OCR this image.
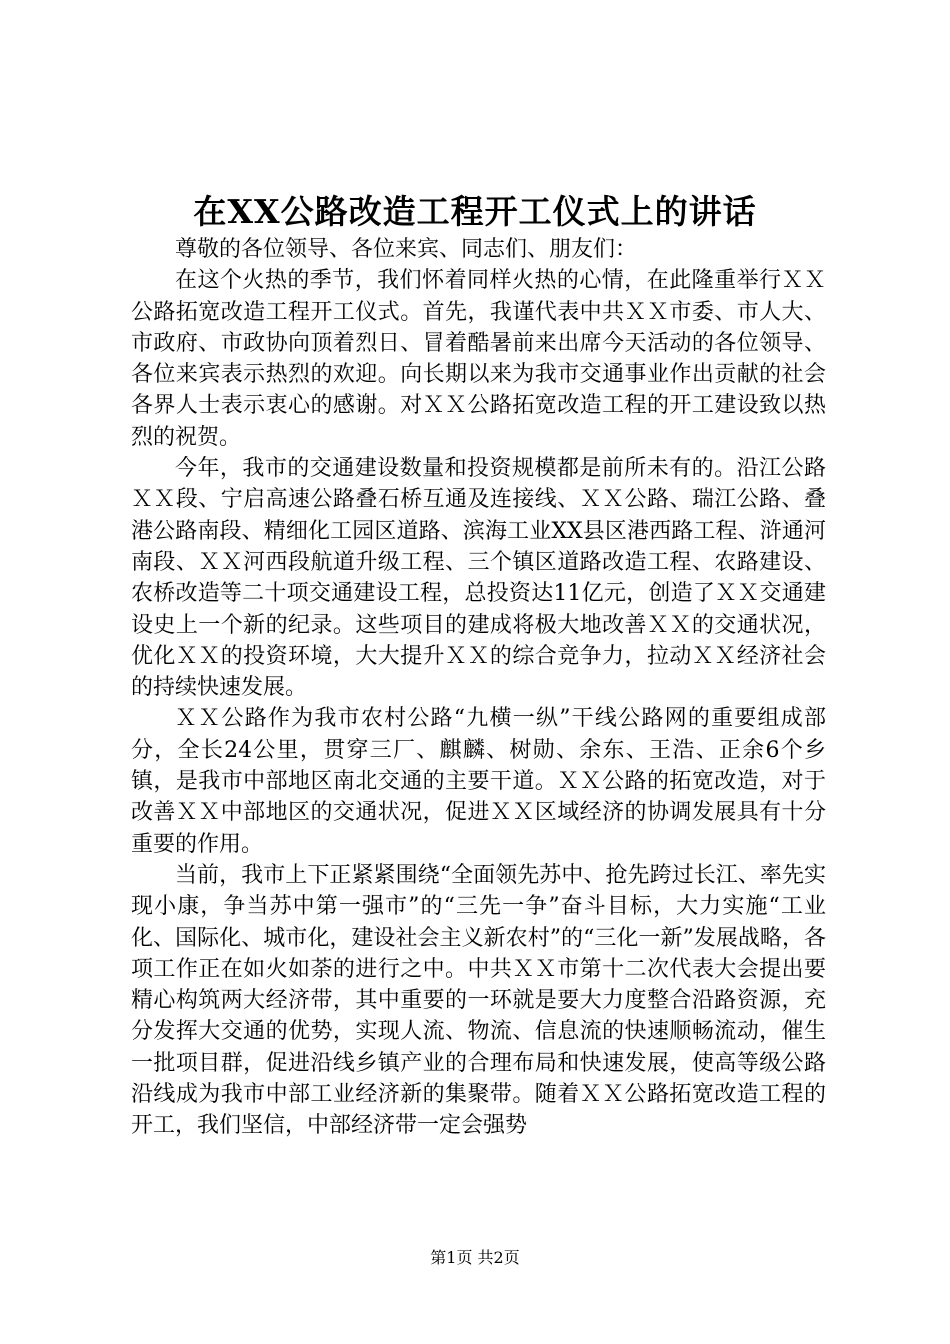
在XX公路改造工程开工仪式上的讲话

尊敬的各位领导、各位来宾、同志们、朋友们：

在这个火热的季节，我们怀着同样火热的心情，在此隆重举行ＸＸ公路拓宽改造工程开工仪式。首先，我谨代表中共ＸＸ市委、市人大、市政府、市政协向顶着烈日、冒着酷暑前来出席今天活动的各位领导、各位来宾表示热烈的欢迎。向长期以来为我市交通事业作出贡献的社会各界人士表示衷心的感谢。对ＸＸ公路拓宽改造工程的开工建设致以热烈的祝贺。

今年，我市的交通建设数量和投资规模都是前所未有的。沿江公路ＸＸ段、宁启高速公路叠石桥互通及连接线、ＸＸ公路、瑞江公路、叠港公路南段、精细化工园区道路、滨海工业XX县区港西路工程、浒通河南段、ＸＸ河西段航道升级工程、三个镇区道路改造工程、农路建设、农桥改造等二十项交通建设工程，总投资达11亿元，创造了ＸＸ交通建设史上一个新的纪录。这些项目的建成将极大地改善ＸＸ的交通状况，优化ＸＸ的投资环境，大大提升ＸＸ的综合竞争力，拉动ＸＸ经济社会的持续快速发展。

ＸＸ公路作为我市农村公路“九横一纵”干线公路网的重要组成部分，全长24公里，贯穿三厂、麒麟、树勋、余东、王浩、正余6个乡镇，是我市中部地区南北交通的主要干道。ＸＸ公路的拓宽改造，对于改善ＸＸ中部地区的交通状况，促进ＸＸ区域经济的协调发展具有十分重要的作用。

当前，我市上下正紧紧围绕“全面领先苏中、抢先跨过长江、率先实现小康，争当苏中第一强市”的“三先一争”奋斗目标，大力实施“工业化、国际化、城市化，建设社会主义新农村”的“三化一新”发展战略，各项工作正在如火如荼的进行之中。中共ＸＸ市第十二次代表大会提出要精心构筑两大经济带，其中重要的一环就是要大力度整合沿路资源，充分发挥大交通的优势，实现人流、物流、信息流的快速顺畅流动，催生一批项目群，促进沿线乡镇产业的合理布局和快速发展，使高等级公路沿线成为我市中部工业经济新的集聚带。随着ＸＸ公路拓宽改造工程的开工，我们坚信，中部经济带一定会强势

第1页 共2页
